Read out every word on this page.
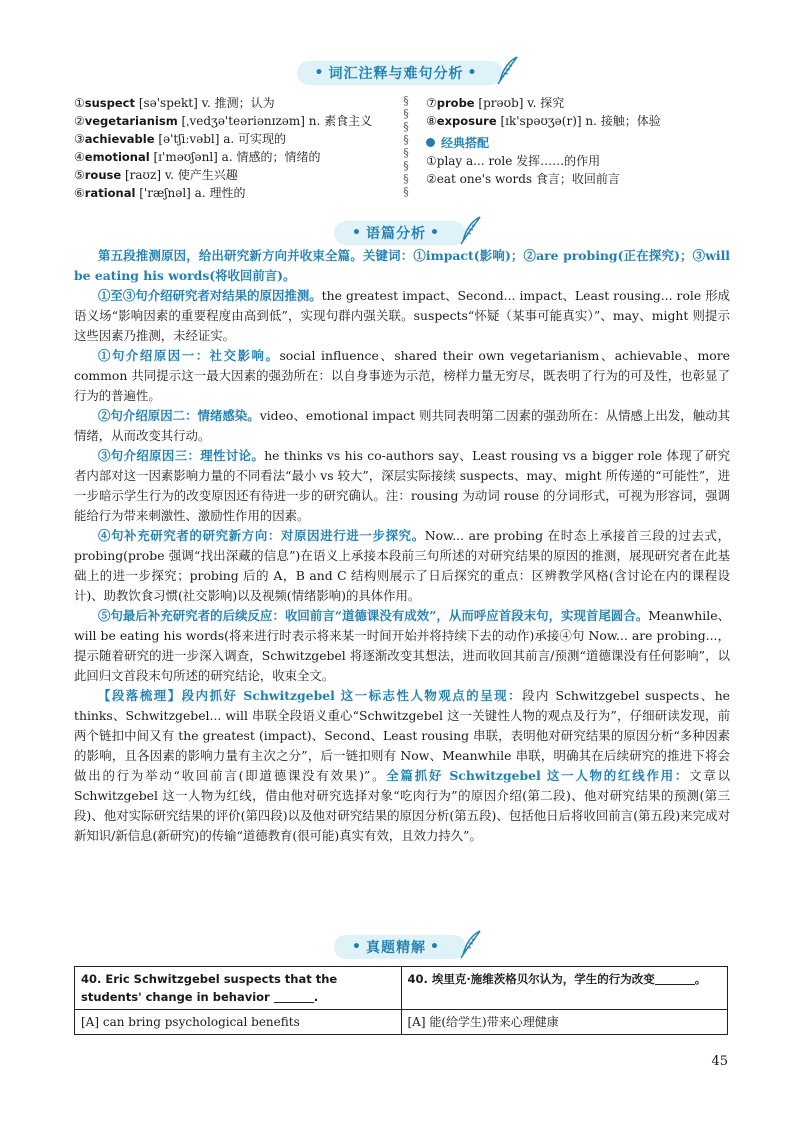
• 词汇注释与难句分析 •
①suspect [sə'spekt] v. 推测；认为
②vegetarianism [ˌvedʒə'teəriənɪzəm] n. 素食主义
③achievable [ə'tʃiːvəbl] a. 可实现的
④emotional [ɪ'məʊʃənl] a. 情感的；情绪的
⑤rouse [raʊz] v. 使产生兴趣
⑥rational ['ræʃnəl] a. 理性的
§
§
§
§
§
§
§
§
⑦probe [prəʊb] v. 探究
⑧exposure [ɪk'spəʊʒə(r)] n. 接触；体验
经典搭配
①play a... role 发挥……的作用
②eat one's words 食言；收回前言
• 语篇分析 •

第五段推测原因，给出研究新方向并收束全篇。关键词：①impact(影响)；②are probing(正在探究)；③will be eating his words(将收回前言)。

①至③句介绍研究者对结果的原因推测。the greatest impact、Second... impact、Least rousing... role 形成语义场“影响因素的重要程度由高到低”，实现句群内强关联。suspects“怀疑（某事可能真实）”、may、might 则提示这些因素乃推测，未经证实。

①句介绍原因一：社交影响。social influence、shared their own vegetarianism、achievable、more common 共同提示这一最大因素的强劲所在：以自身事迹为示范，榜样力量无穷尽，既表明了行为的可及性，也彰显了行为的普遍性。

②句介绍原因二：情绪感染。video、emotional impact 则共同表明第二因素的强劲所在：从情感上出发，触动其情绪，从而改变其行动。

③句介绍原因三：理性讨论。he thinks vs his co-authors say、Least rousing vs a bigger role 体现了研究者内部对这一因素影响力量的不同看法“最小 vs 较大”，深层实际接续 suspects、may、might 所传递的“可能性”，进一步暗示学生行为的改变原因还有待进一步的研究确认。注：rousing 为动词 rouse 的分词形式，可视为形容词，强调能给行为带来刺激性、激励性作用的因素。

④句补充研究者的研究新方向：对原因进行进一步探究。Now... are probing 在时态上承接首三段的过去式，probing(probe 强调“找出深藏的信息”)在语义上承接本段前三句所述的对研究结果的原因的推测，展现研究者在此基础上的进一步探究；probing 后的 A，B and C 结构则展示了日后探究的重点：区辨教学风格(含讨论在内的课程设计)、助教饮食习惯(社交影响)以及视频(情绪影响)的具体作用。

⑤句最后补充研究者的后续反应：收回前言“道德课没有成效”，从而呼应首段末句，实现首尾圆合。Meanwhile、will be eating his words(将来进行时表示将来某一时间开始并将持续下去的动作)承接④句 Now... are probing...，提示随着研究的进一步深入调查，Schwitzgebel 将逐渐改变其想法，进而收回其前言/预测“道德课没有任何影响”，以此回归文首段末句所述的研究结论，收束全文。

【段落梳理】段内抓好 Schwitzgebel 这一标志性人物观点的呈现：段内 Schwitzgebel suspects、he thinks、Schwitzgebel... will 串联全段语义重心“Schwitzgebel 这一关键性人物的观点及行为”，仔细研读发现，前两个链扣中间又有 the greatest (impact)、Second、Least rousing 串联，表明他对研究结果的原因分析“多种因素的影响，且各因素的影响力量有主次之分”，后一链扣则有 Now、Meanwhile 串联，明确其在后续研究的推进下将会做出的行为举动“收回前言(即道德课没有效果)”。全篇抓好 Schwitzgebel 这一人物的红线作用：文章以 Schwitzgebel 这一人物为红线，借由他对研究选择对象“吃肉行为”的原因介绍(第二段)、他对研究结果的预测(第三段)、他对实际研究结果的评价(第四段)以及他对研究结果的原因分析(第五段)、包括他日后将收回前言(第五段)来完成对新知识/新信息(新研究)的传输“道德教育(很可能)真实有效，且效力持久”。

• 真题精解 •
40. Eric Schwitzgebel suspects that the students' change in behavior .	40. 埃里克·施维茨格贝尔认为，学生的行为改变 。
[A] can bring psychological benefits	[A] 能(给学生)带来心理健康
45
